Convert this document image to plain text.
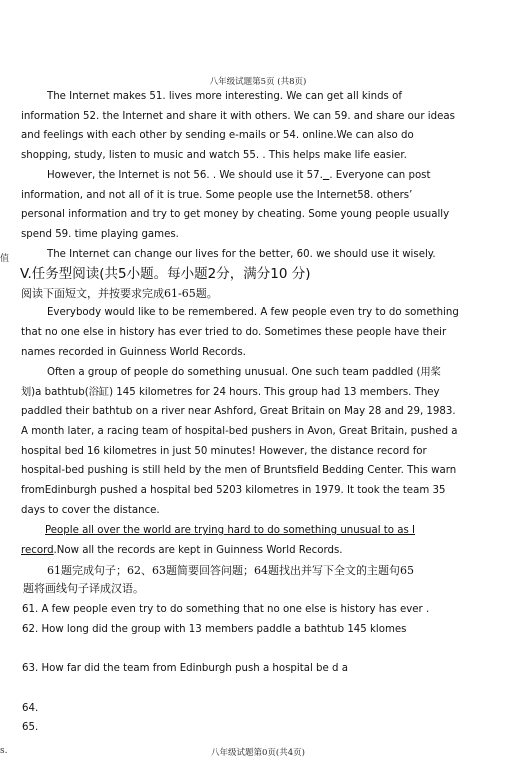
八年级试题第5页 (共8页)
值
s.
The Internet makes 51. lives more interesting. We can get all kinds of
information 52. the Internet and share it with others. We can 59. and share our ideas
and feelings with each other by sending e-mails or 54. online.We can also do
shopping, study, listen to music and watch 55. . This helps make life easier.
However, the Internet is not 56. . We should use it 57. . Everyone can post
information, and not all of it is true. Some people use the Internet58. others’
personal information and try to get money by cheating. Some young people usually
spend 59. time playing games.
The Internet can change our lives for the better, 60. we should use it wisely.
V.任务型阅读(共5小题。每小题2分，满分10 分)
阅读下面短文，并按要求完成61-65题。
Everybody would like to be remembered. A few people even try to do something
that no one else in history has ever tried to do. Sometimes these people have their
names recorded in Guinness World Records.
Often a group of people do something unusual. One such team paddled (用桨
划)a bathtub(浴缸) 145 kilometres for 24 hours. This group had 13 members. They
paddled their bathtub on a river near Ashford, Great Britain on May 28 and 29, 1983.
A month later, a racing team of hospital-bed pushers in Avon, Great Britain, pushed a
hospital bed 16 kilometres in just 50 minutes! However, the distance record for
hospital-bed pushing is still held by the men of Bruntsfield Bedding Center. This warn
fromEdinburgh pushed a hospital bed 5203 kilometres in 1979. It took the team 35
days to cover the distance.
People all over the world are trying hard to do something unusual to as I
record.Now all the records are kept in Guinness World Records.
61题完成句子；62、63题简要回答问题；64题找出并写下全文的主题句65
题将画线句子译成汉语。
61. A few people even try to do something that no one else is history has ever .
62. How long did the group with 13 members paddle a bathtub 145 klomes
63. How far did the team from Edinburgh push a hospital be d a
64.
65.
八年级试题第0页(共4页)
